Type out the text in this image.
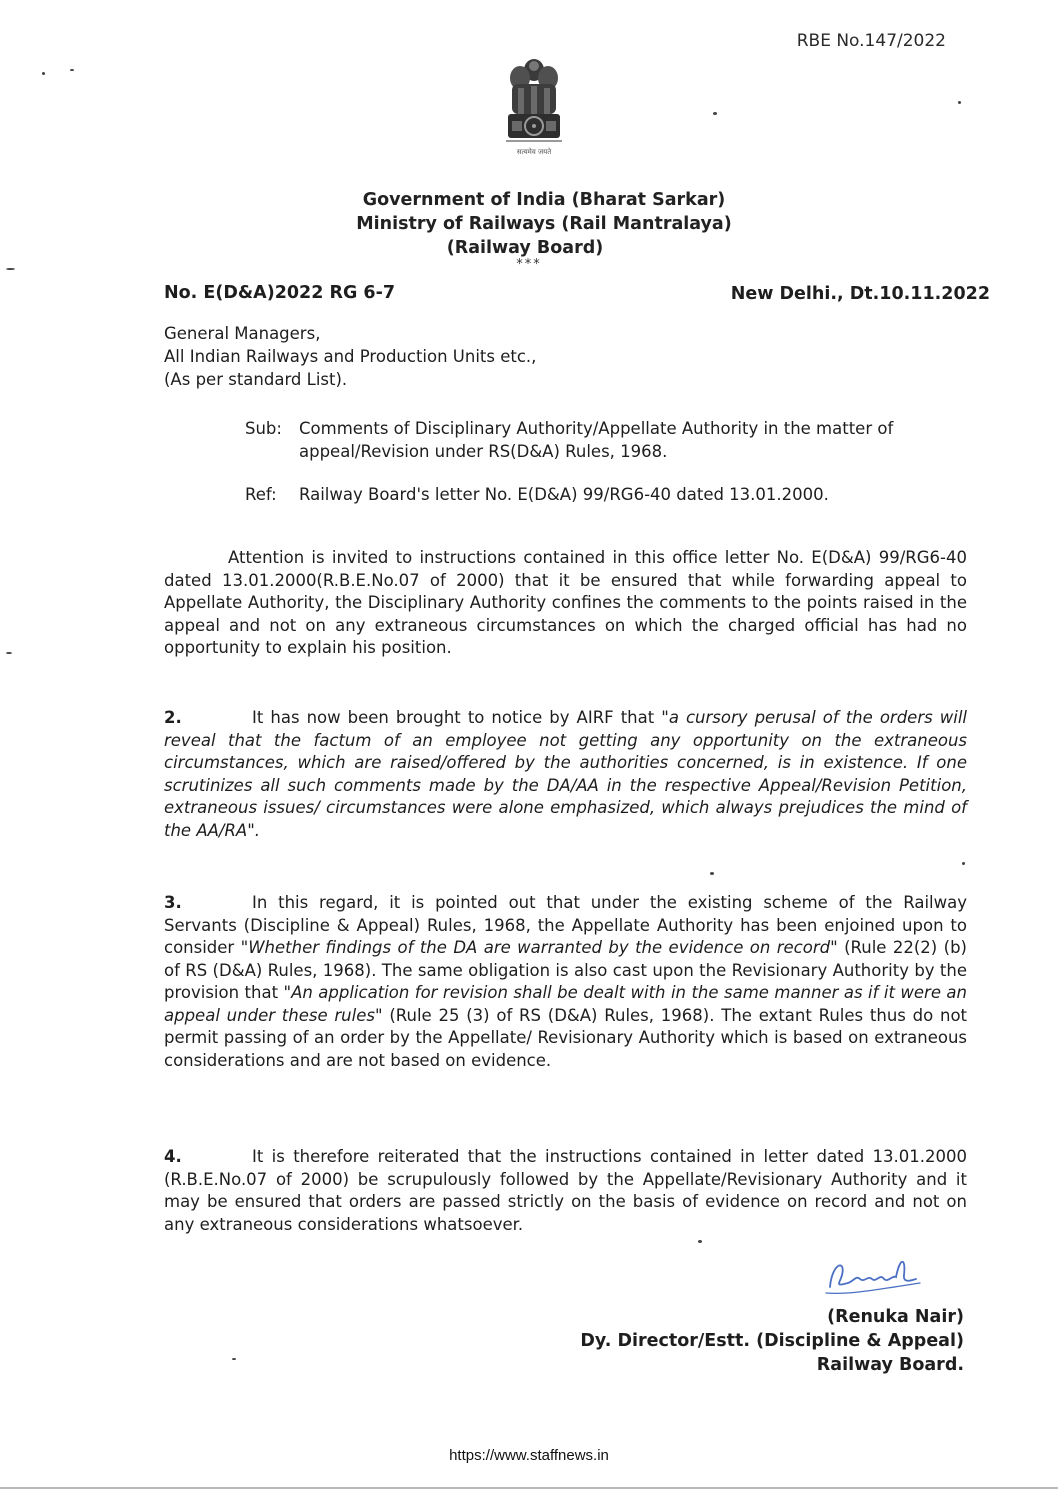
RBE No.147/2022
सत्यमेव जयते
Government of India (Bharat Sarkar)
Ministry of Railways (Rail Mantralaya)
(Railway Board)
***
No. E(D&A)2022 RG 6-7	New Delhi., Dt.10.11.2022
General Managers,
All Indian Railways and Production Units etc.,
(As per standard List).
Sub: Comments of Disciplinary Authority/Appellate Authority in the matter of appeal/Revision under RS(D&A) Rules, 1968.
Ref: Railway Board's letter No. E(D&A) 99/RG6-40 dated 13.01.2000.
Attention is invited to instructions contained in this office letter No. E(D&A) 99/RG6-40 dated 13.01.2000(R.B.E.No.07 of 2000) that it be ensured that while forwarding appeal to Appellate Authority, the Disciplinary Authority confines the comments to the points raised in the appeal and not on any extraneous circumstances on which the charged official has had no opportunity to explain his position.
2.	It has now been brought to notice by AIRF that "a cursory perusal of the orders will reveal that the factum of an employee not getting any opportunity on the extraneous circumstances, which are raised/offered by the authorities concerned, is in existence. If one scrutinizes all such comments made by the DA/AA in the respective Appeal/Revision Petition, extraneous issues/ circumstances were alone emphasized, which always prejudices the mind of the AA/RA".
3.	In this regard, it is pointed out that under the existing scheme of the Railway Servants (Discipline & Appeal) Rules, 1968, the Appellate Authority has been enjoined upon to consider "Whether findings of the DA are warranted by the evidence on record" (Rule 22(2) (b) of RS (D&A) Rules, 1968). The same obligation is also cast upon the Revisionary Authority by the provision that "An application for revision shall be dealt with in the same manner as if it were an appeal under these rules" (Rule 25 (3) of RS (D&A) Rules, 1968). The extant Rules thus do not permit passing of an order by the Appellate/ Revisionary Authority which is based on extraneous considerations and are not based on evidence.
4.	It is therefore reiterated that the instructions contained in letter dated 13.01.2000 (R.B.E.No.07 of 2000) be scrupulously followed by the Appellate/Revisionary Authority and it may be ensured that orders are passed strictly on the basis of evidence on record and not on any extraneous considerations whatsoever.
(Renuka Nair)
Dy. Director/Estt. (Discipline & Appeal)
Railway Board.
https://www.staffnews.in
